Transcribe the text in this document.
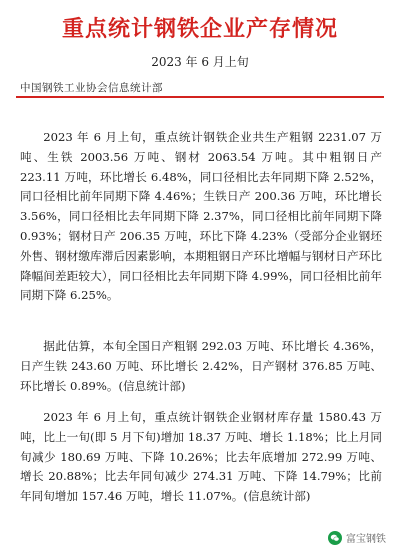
重点统计钢铁企业产存情况

2023 年 6 月上旬

中国钢铁工业协会信息统计部

2023 年 6 月上旬，重点统计钢铁企业共生产粗钢 2231.07 万吨、生铁 2003.56 万吨、钢材 2063.54 万吨。其中粗钢日产 223.11 万吨，环比增长 6.48%，同口径相比去年同期下降 2.52%，同口径相比前年同期下降 4.46%；生铁日产 200.36 万吨，环比增长 3.56%，同口径相比去年同期下降 2.37%，同口径相比前年同期下降 0.93%；钢材日产 206.35 万吨，环比下降 4.23%（受部分企业钢坯外售、钢材缴库滞后因素影响，本期粗钢日产环比增幅与钢材日产环比降幅间差距较大），同口径相比去年同期下降 4.99%，同口径相比前年同期下降 6.25%。

据此估算，本旬全国日产粗钢 292.03 万吨、环比增长 4.36%，日产生铁 243.60 万吨、环比增长 2.42%，日产钢材 376.85 万吨、环比增长 0.89%。(信息统计部)

2023 年 6 月上旬，重点统计钢铁企业钢材库存量 1580.43 万吨，比上一旬(即 5 月下旬)增加 18.37 万吨、增长 1.18%；比上月同旬减少 180.69 万吨、下降 10.26%；比去年底增加 272.99 万吨、增长 20.88%；比去年同旬减少 274.31 万吨、下降 14.79%；比前年同旬增加 157.46 万吨，增长 11.07%。(信息统计部)

富宝钢铁
